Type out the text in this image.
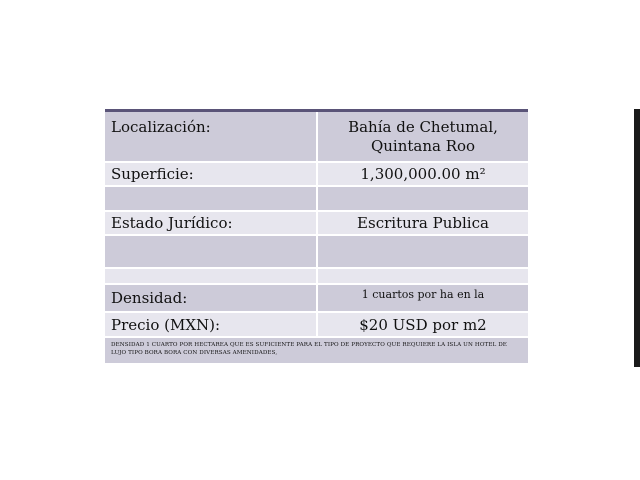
Localización:	Bahía de Chetumal,
Quintana Roo

Superficie:	1,300,000.00 m²

Estado Jurídico:	Escritura Publica

Densidad:	1 cuartos por ha en la
Precio (MXN):	$20 USD por m2
DENSIDAD 1 CUARTO POR HECTAREA QUE ES SUFICIENTE PARA EL TIPO DE PROYECTO QUE REQUIERE LA ISLA UN HOTEL DE LUJO TIPO BORA BORA CON DIVERSAS AMENIDADES,	
